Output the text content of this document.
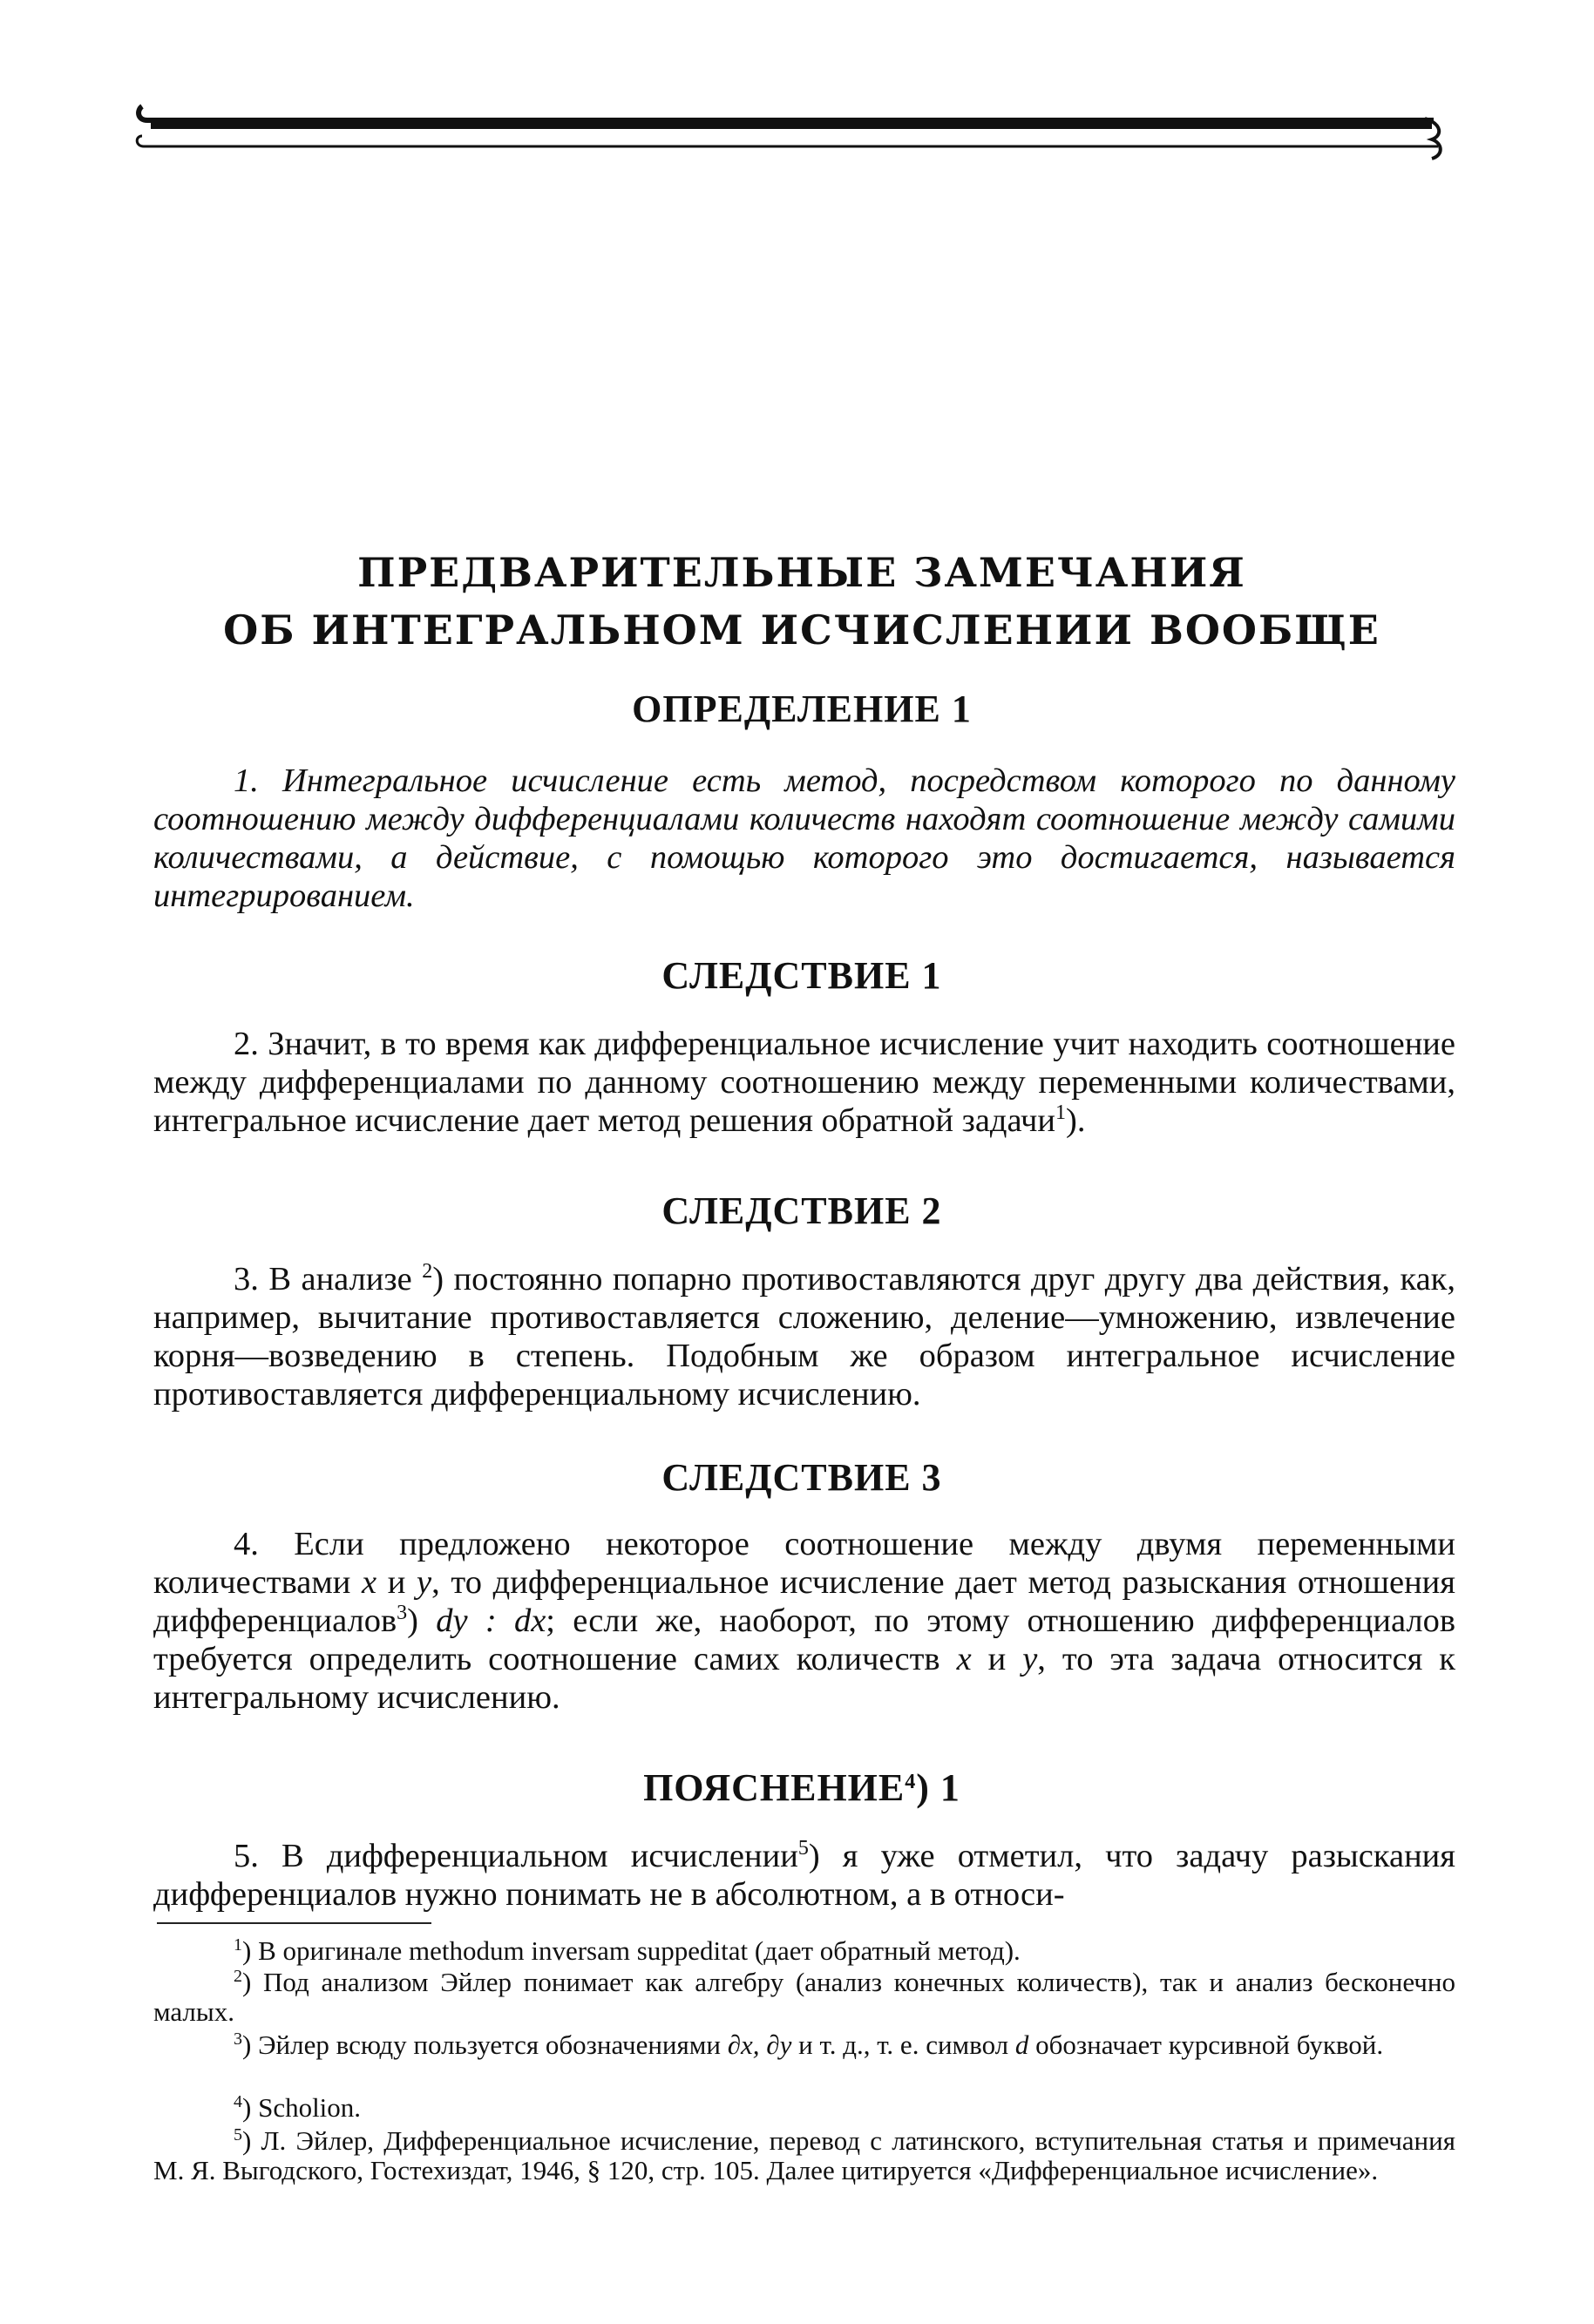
ПРЕДВАРИТЕЛЬНЫЕ ЗАМЕЧАНИЯ
ОБ ИНТЕГРАЛЬНОМ ИСЧИСЛЕНИИ ВООБЩЕ
ОПРЕДЕЛЕНИЕ 1

1. Интегральное исчисление есть метод, посредством которого по данному соотношению между дифференциалами количеств находят соотношение между самими количествами, а действие, с помощью которого это достигается, называется интегрированием.

СЛЕДСТВИЕ 1

2. Значит, в то время как дифференциальное исчисление учит находить соотношение между дифференциалами по данному соотношению между переменными количествами, интегральное исчисление дает метод решения обратной задачи$^1$).

СЛЕДСТВИЕ 2

3. В анализе $^2$) постоянно попарно противоставляются друг другу два действия, как, например, вычитание противоставляется сложению, деление—умножению, извлечение корня—возведению в степень. Подобным же образом интегральное исчисление противоставляется дифференциальному исчислению.

СЛЕДСТВИЕ 3

4. Если предложено некоторое соотношение между двумя переменными количествами x и y, то дифференциальное исчисление дает метод разыскания отношения дифференциалов$^3$) dy : dx; если же, наоборот, по этому отношению дифференциалов требуется определить соотношение самих количеств x и y, то эта задача относится к интегральному исчислению.

ПОЯСНЕНИЕ$^4$) 1

5. В дифференциальном исчислении$^5$) я уже отметил, что задачу разыскания дифференциалов нужно понимать не в абсолютном, а в относи-

$^1$) В оригинале methodum inversam suppeditat (дает обратный метод).

$^2$) Под анализом Эйлер понимает как алгебру (анализ конечных количеств), так и анализ бесконечно малых.

$^3$) Эйлер всюду пользуется обозначениями ∂x, ∂y и т. д., т. е. символ d обозначает курсивной буквой.

$^4$) Scholion.

$^5$) Л. Эйлер, Дифференциальное исчисление, перевод с латинского, вступительная статья и примечания М. Я. Выгодского, Гостехиздат, 1946, § 120, стр. 105. Далее цитируется «Дифференциальное исчисление».
